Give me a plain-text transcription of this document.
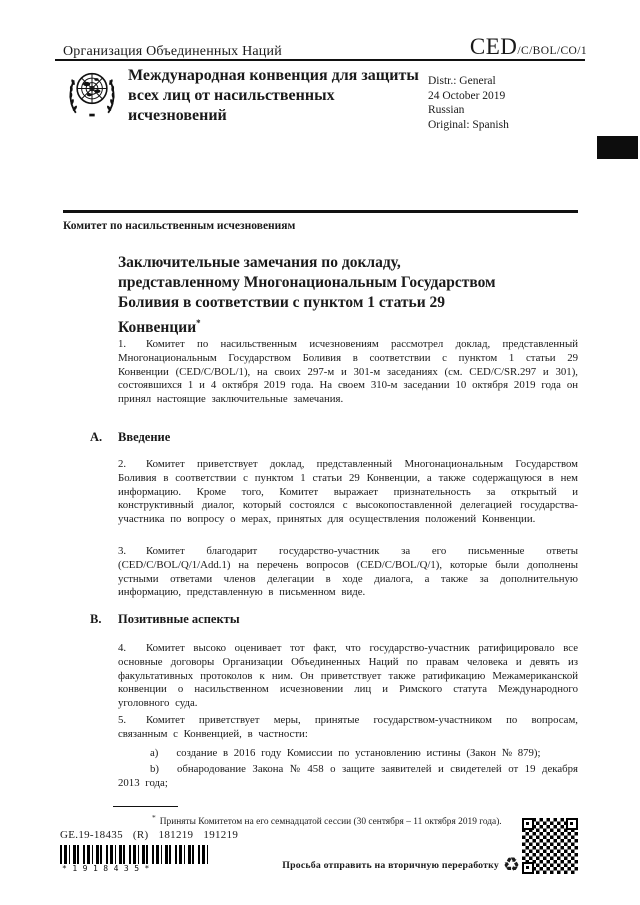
Организация Объединенных Наций	CED/C/BOL/CO/1
Международная конвенция для защиты всех лиц от насильственных исчезновений
Distr.: General
24 October 2019
Russian
Original: Spanish
Комитет по насильственным исчезновениям
Заключительные замечания по докладу, представленному Многонациональным Государством Боливия в соответствии с пунктом 1 статьи 29 Конвенции*

1. Комитет по насильственным исчезновениям рассмотрел доклад, представленный Многонациональным Государством Боливия в соответствии с пунктом 1 статьи 29 Конвенции (CED/C/BOL/1), на своих 297-м и 301-м заседаниях (см. CED/C/SR.297 и 301), состоявшихся 1 и 4 октября 2019 года. На своем 310-м заседании 10 октября 2019 года он принял настоящие заключительные замечания.

A.	Введение

2. Комитет приветствует доклад, представленный Многонациональным Государством Боливия в соответствии с пунктом 1 статьи 29 Конвенции, а также содержащуюся в нем информацию. Кроме того, Комитет выражает признательность за открытый и конструктивный диалог, который состоялся с высокопоставленной делегацией государства-участника по вопросу о мерах, принятых для осуществления положений Конвенции.

3. Комитет благодарит государство-участник за его письменные ответы (CED/C/BOL/Q/1/Add.1) на перечень вопросов (CED/C/BOL/Q/1), которые были дополнены устными ответами членов делегации в ходе диалога, а также за дополнительную информацию, представленную в письменном виде.

B.	Позитивные аспекты

4. Комитет высоко оценивает тот факт, что государство-участник ратифицировало все основные договоры Организации Объединенных Наций по правам человека и девять из факультативных протоколов к ним. Он приветствует также ратификацию Межамериканской конвенции о насильственном исчезновении лиц и Римского статута Международного уголовного суда.

5. Комитет приветствует меры, принятые государством-участником по вопросам, связанным с Конвенцией, в частности:

a) создание в 2016 году Комиссии по установлению истины (Закон № 879);
b) обнародование Закона № 458 о защите заявителей и свидетелей от 19 декабря 2013 года;
* Приняты Комитетом на его семнадцатой сессии (30 сентября – 11 октября 2019 года).
GE.19-18435 (R) 181219 191219
*1918435*	Просьба отправить на вторичную переработку ♻
